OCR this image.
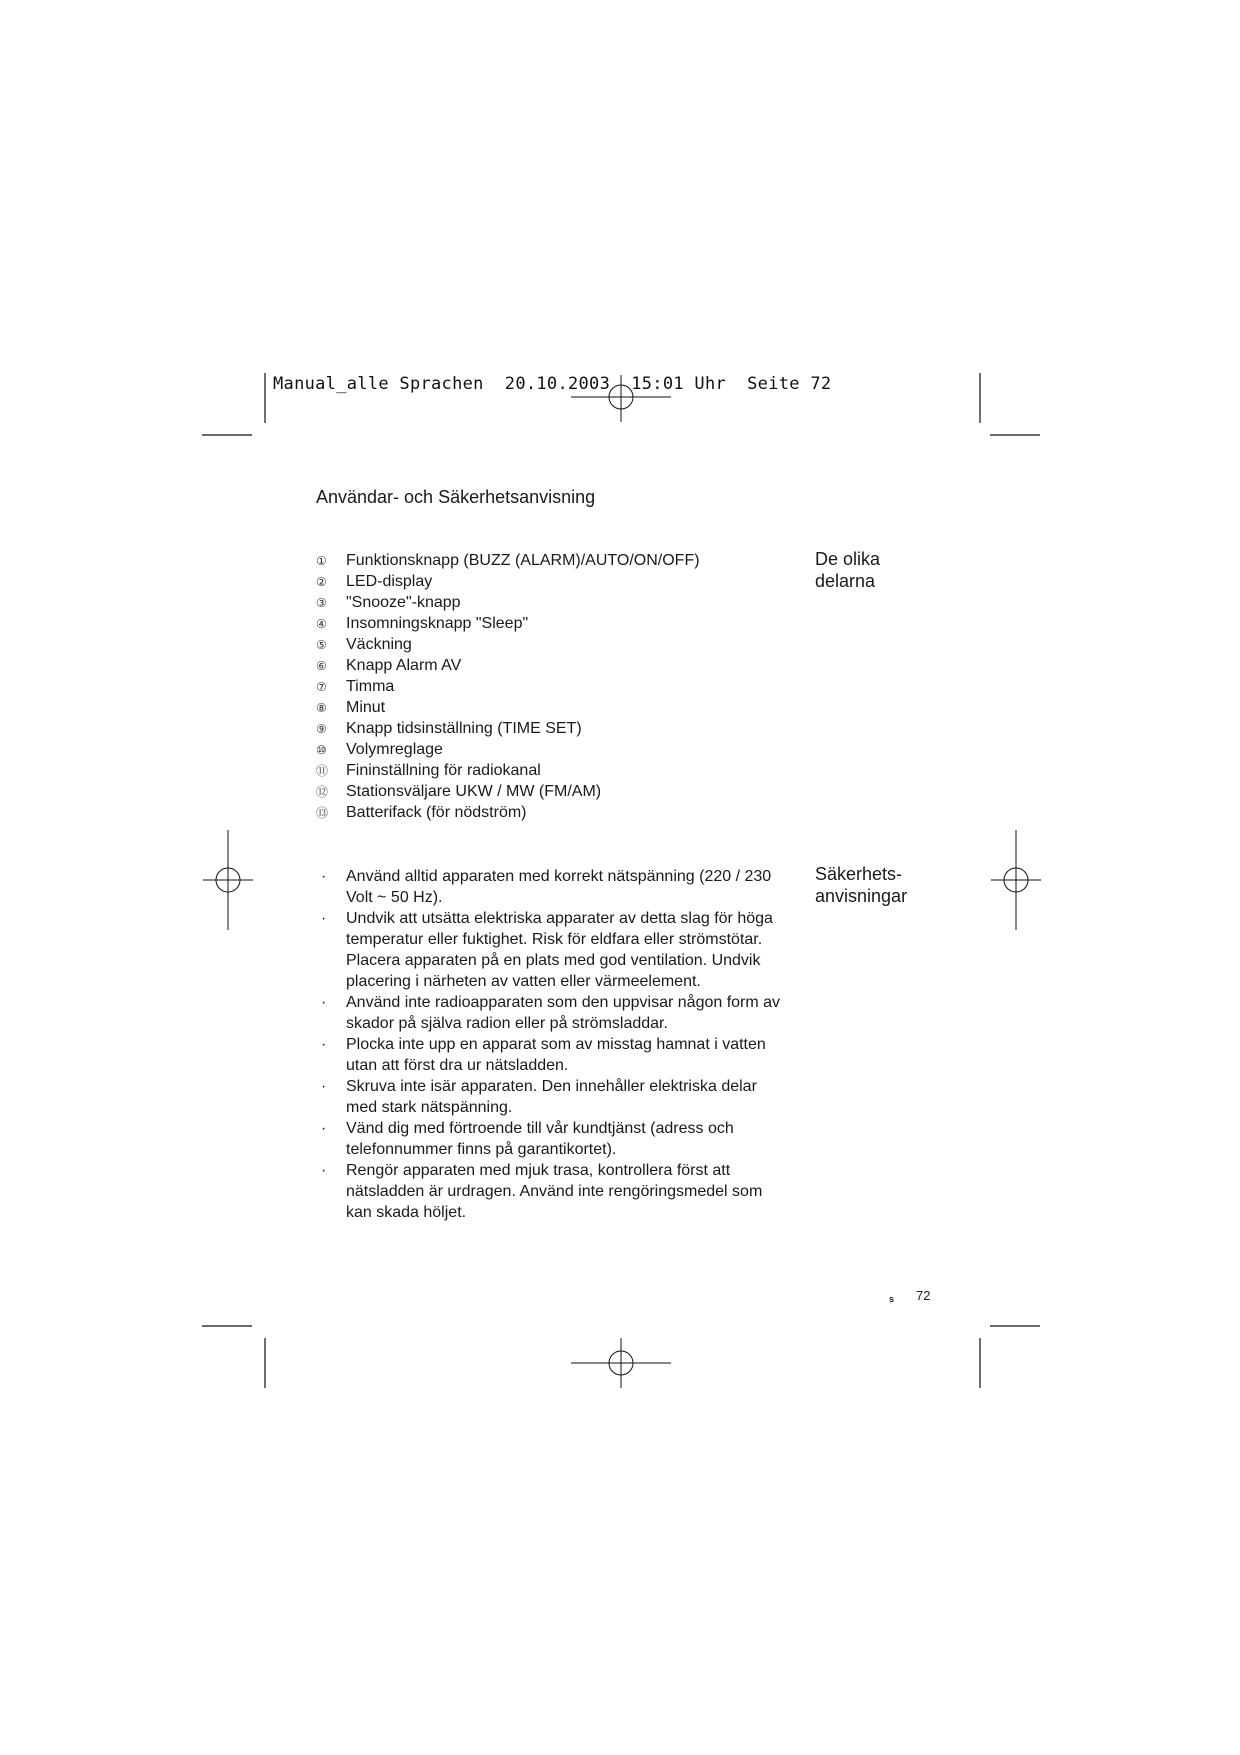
Manual_alle Sprachen 20.10.2003 15:01 Uhr Seite 72
Användar- och Säkerhetsanvisning
De olika
delarna
① Funktionsknapp (BUZZ (ALARM)/AUTO/ON/OFF)
② LED-display
③ "Snooze"-knapp
④ Insomningsknapp "Sleep"
⑤ Väckning
⑥ Knapp Alarm AV
⑦ Timma
⑧ Minut
⑨ Knapp tidsinställning (TIME SET)
⑩ Volymreglage
⑪ Fininställning för radiokanal
⑫ Stationsväljare UKW / MW (FM/AM)
⑬ Batterifack (för nödström)
Säkerhets-
anvisningar
· Använd alltid apparaten med korrekt nätspänning (220 / 230 Volt ~ 50 Hz).
· Undvik att utsätta elektriska apparater av detta slag för höga temperatur eller fuktighet. Risk för eldfara eller strömstötar. Placera apparaten på en plats med god ventilation. Undvik placering i närheten av vatten eller värmeelement.
· Använd inte radioapparaten som den uppvisar någon form av skador på själva radion eller på strömsladdar.
· Plocka inte upp en apparat som av misstag hamnat i vatten utan att först dra ur nätsladden.
· Skruva inte isär apparaten. Den innehåller elektriska delar med stark nätspänning.
· Vänd dig med förtroende till vår kundtjänst (adress och telefonnummer finns på garantikortet).
· Rengör apparaten med mjuk trasa, kontrollera först att nätsladden är urdragen. Använd inte rengöringsmedel som kan skada höljet.
s 72
